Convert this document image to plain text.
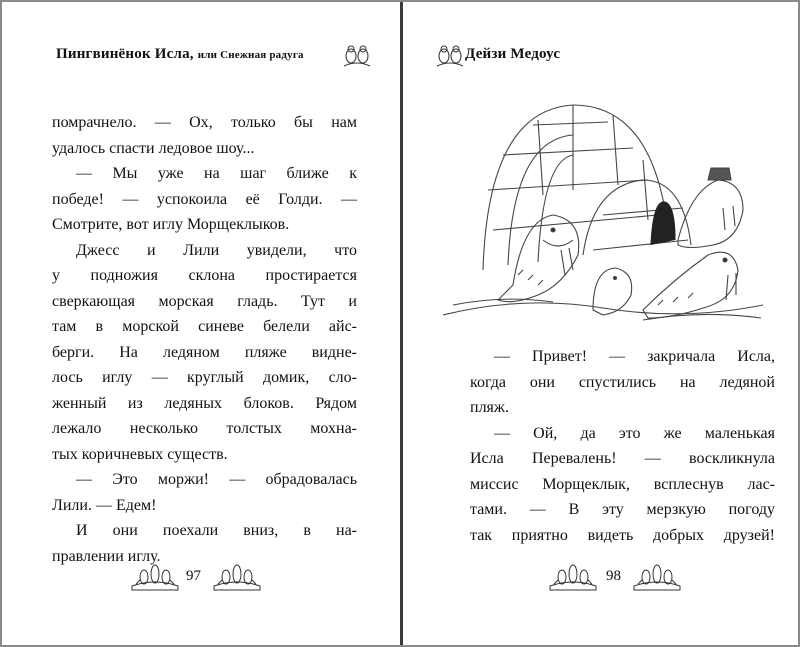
Пингвинёнок Исла, или Снежная радуга

помрачнело. — Ох, только бы нам

удалось спасти ледовое шоу...

— Мы уже на шаг ближе к

победе! — успокоила её Голди. —

Смотрите, вот иглу Морщеклыков.

Джесс и Лили увидели, что

у подножия склона простирается

сверкающая морская гладь. Тут и

там в морской синеве белели айс-

берги. На ледяном пляже видне-

лось иглу — круглый домик, сло-

женный из ледяных блоков. Рядом

лежало несколько толстых мохна-

тых коричневых существ.

— Это моржи! — обрадовалась

Лили. — Едем!

И они поехали вниз, в на-

правлении иглу.

97
Дейзи Медоус

— Привет! — закричала Исла,

когда они спустились на ледяной

пляж.

— Ой, да это же маленькая

Исла Перевалень! — воскликнула

миссис Морщеклык, всплеснув лас-

тами. — В эту мерзкую погоду

так приятно видеть добрых друзей!

98
